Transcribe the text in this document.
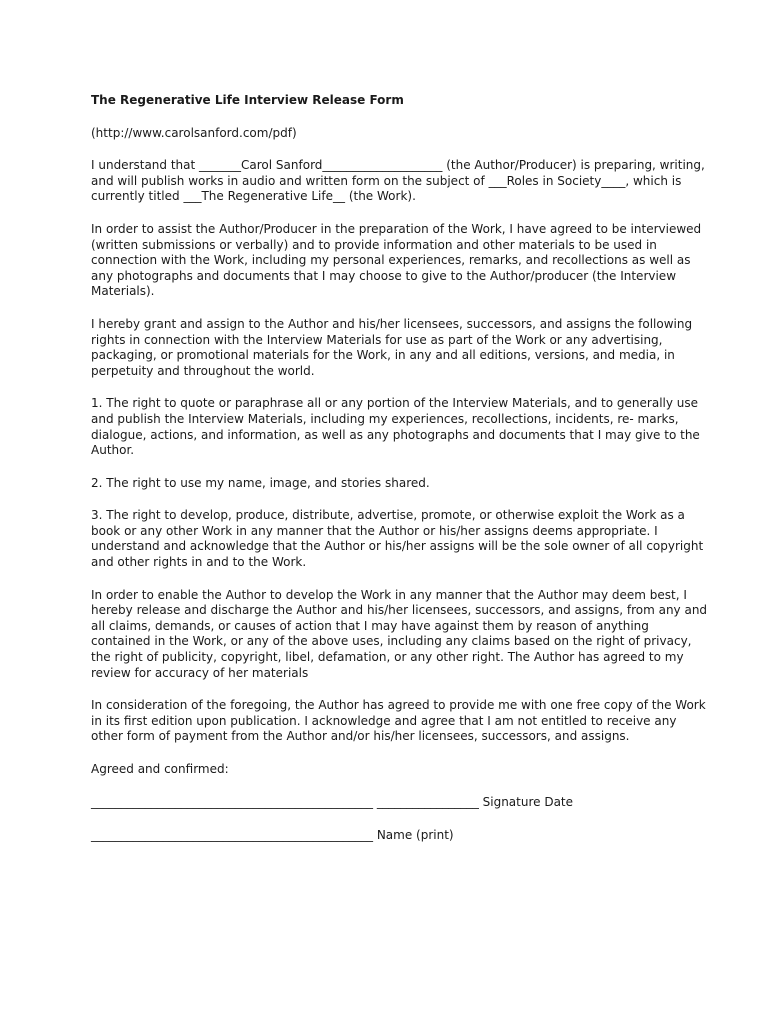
The Regenerative Life Interview Release Form
(http://www.carolsanford.com/pdf)
I understand that _______Carol Sanford____________________ (the Author/Producer) is preparing, writing, and will publish works in audio and written form on the subject of ___Roles in Society____, which is currently titled ___The Regenerative Life__ (the Work).
In order to assist the Author/Producer in the preparation of the Work, I have agreed to be interviewed (written submissions or verbally) and to provide information and other materials to be used in connection with the Work, including my personal experiences, remarks, and recollections as well as any photographs and documents that I may choose to give to the Author/producer (the Interview Materials).
I hereby grant and assign to the Author and his/her licensees, successors, and assigns the following rights in connection with the Interview Materials for use as part of the Work or any advertising, packaging, or promotional materials for the Work, in any and all editions, versions, and media, in perpetuity and throughout the world.
1. The right to quote or paraphrase all or any portion of the Interview Materials, and to generally use and publish the Interview Materials, including my experiences, recollections, incidents, re- marks, dialogue, actions, and information, as well as any photographs and documents that I may give to the Author.
2. The right to use my name, image, and stories shared.
3. The right to develop, produce, distribute, advertise, promote, or otherwise exploit the Work as a book or any other Work in any manner that the Author or his/her assigns deems appropriate. I understand and acknowledge that the Author or his/her assigns will be the sole owner of all copyright and other rights in and to the Work.
In order to enable the Author to develop the Work in any manner that the Author may deem best, I hereby release and discharge the Author and his/her licensees, successors, and assigns, from any and all claims, demands, or causes of action that I may have against them by reason of anything contained in the Work, or any of the above uses, including any claims based on the right of privacy, the right of publicity, copyright, libel, defamation, or any other right. The Author has agreed to my review for accuracy of her materials
In consideration of the foregoing, the Author has agreed to provide me with one free copy of the Work in its first edition upon publication. I acknowledge and agree that I am not entitled to receive any other form of payment from the Author and/or his/her licensees, successors, and assigns.
Agreed and confirmed:
_______________________________________________ _________________ Signature Date
_______________________________________________ Name (print)
